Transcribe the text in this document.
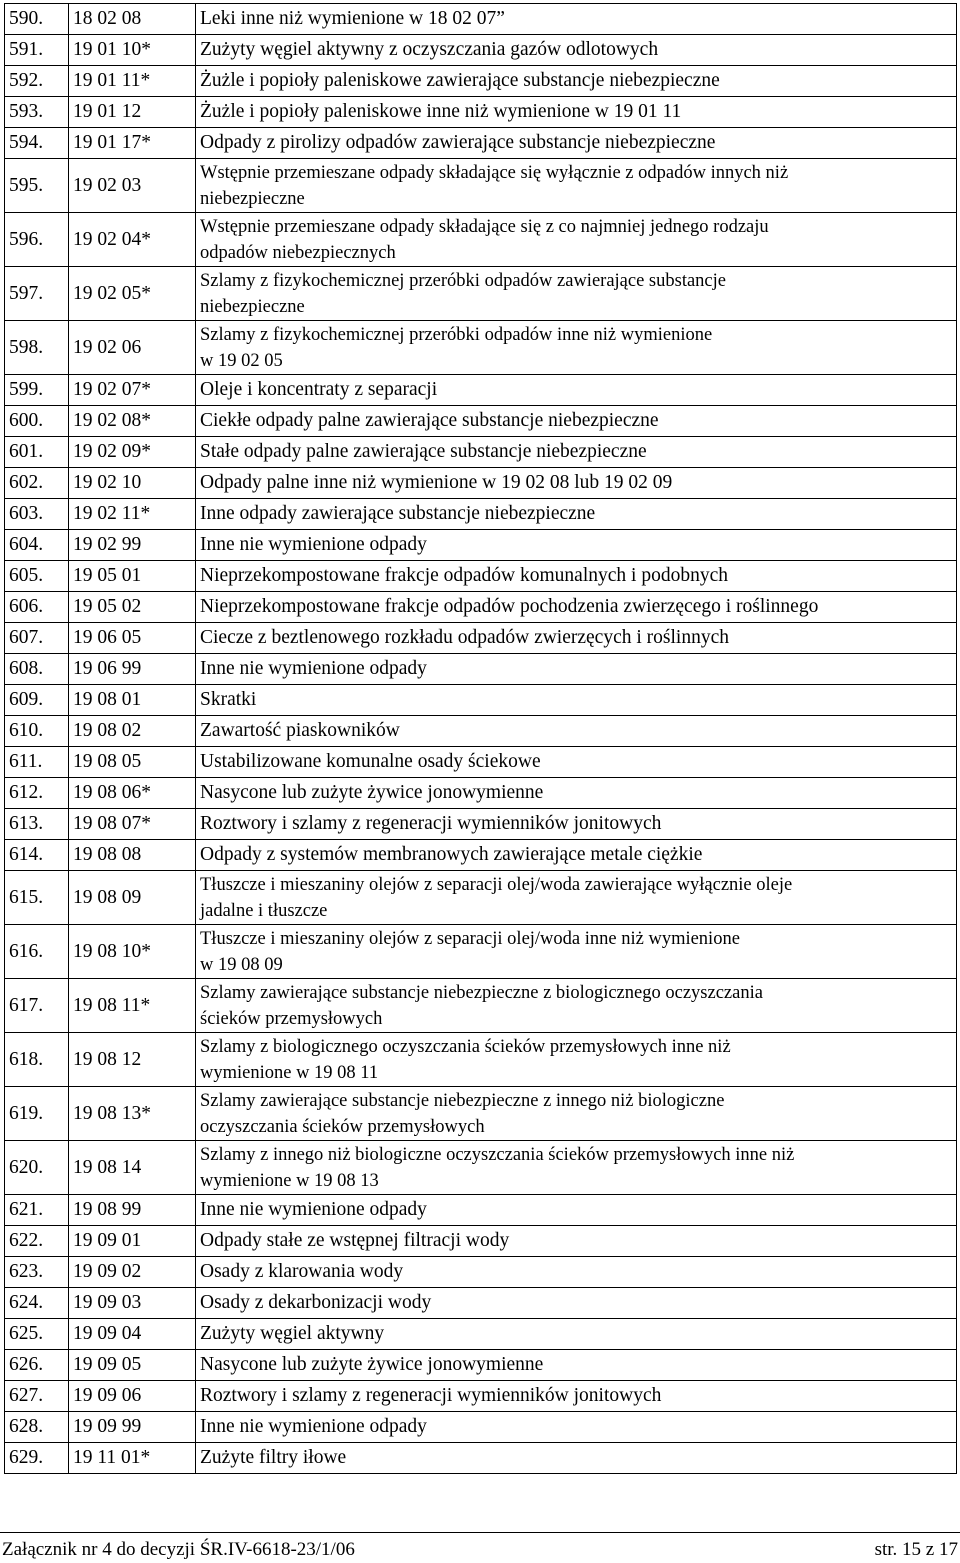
590.	18 02 08	Leki inne niż wymienione w 18 02 07”

591.	19 01 10*	Zużyty węgiel aktywny z oczyszczania gazów odlotowych

592.	19 01 11*	Żużle i popioły paleniskowe zawierające substancje niebezpieczne

593.	19 01 12	Żużle i popioły paleniskowe inne niż wymienione w 19 01 11

594.	19 01 17*	Odpady z pirolizy odpadów zawierające substancje niebezpieczne

595.	19 02 03	Wstępnie przemieszane odpady składające się wyłącznie z odpadów innych niż
niebezpieczne

596.	19 02 04*	Wstępnie przemieszane odpady składające się z co najmniej jednego rodzaju
odpadów niebezpiecznych

597.	19 02 05*	Szlamy z fizykochemicznej przeróbki odpadów zawierające substancje
niebezpieczne

598.	19 02 06	Szlamy z fizykochemicznej przeróbki odpadów inne niż wymienione
w 19 02 05

599.	19 02 07*	Oleje i koncentraty z separacji

600.	19 02 08*	Ciekłe odpady palne zawierające substancje niebezpieczne

601.	19 02 09*	Stałe odpady palne zawierające substancje niebezpieczne

602.	19 02 10	Odpady palne inne niż wymienione w 19 02 08 lub 19 02 09

603.	19 02 11*	Inne odpady zawierające substancje niebezpieczne

604.	19 02 99	Inne nie wymienione odpady

605.	19 05 01	Nieprzekompostowane frakcje odpadów komunalnych i podobnych

606.	19 05 02	Nieprzekompostowane frakcje odpadów pochodzenia zwierzęcego i roślinnego

607.	19 06 05	Ciecze z beztlenowego rozkładu odpadów zwierzęcych i roślinnych

608.	19 06 99	Inne nie wymienione odpady

609.	19 08 01	Skratki

610.	19 08 02	Zawartość piaskowników

611.	19 08 05	Ustabilizowane komunalne osady ściekowe

612.	19 08 06*	Nasycone lub zużyte żywice jonowymienne

613.	19 08 07*	Roztwory i szlamy z regeneracji wymienników jonitowych

614.	19 08 08	Odpady z systemów membranowych zawierające metale ciężkie

615.	19 08 09	Tłuszcze i mieszaniny olejów z separacji olej/woda zawierające wyłącznie oleje
jadalne i tłuszcze

616.	19 08 10*	Tłuszcze i mieszaniny olejów z separacji olej/woda inne niż wymienione
w 19 08 09

617.	19 08 11*	Szlamy zawierające substancje niebezpieczne z biologicznego oczyszczania
ścieków przemysłowych

618.	19 08 12	Szlamy z biologicznego oczyszczania ścieków przemysłowych inne niż
wymienione w 19 08 11

619.	19 08 13*	Szlamy zawierające substancje niebezpieczne z innego niż biologiczne
oczyszczania ścieków przemysłowych

620.	19 08 14	Szlamy z innego niż biologiczne oczyszczania ścieków przemysłowych inne niż
wymienione w 19 08 13

621.	19 08 99	Inne nie wymienione odpady

622.	19 09 01	Odpady stałe ze wstępnej filtracji wody

623.	19 09 02	Osady z klarowania wody

624.	19 09 03	Osady z dekarbonizacji wody

625.	19 09 04	Zużyty węgiel aktywny

626.	19 09 05	Nasycone lub zużyte żywice jonowymienne

627.	19 09 06	Roztwory i szlamy z regeneracji wymienników jonitowych

628.	19 09 99	Inne nie wymienione odpady

629.	19 11 01*	Zużyte filtry iłowe
Załącznik nr 4 do decyzji ŚR.IV-6618-23/1/06	str. 15 z 17
